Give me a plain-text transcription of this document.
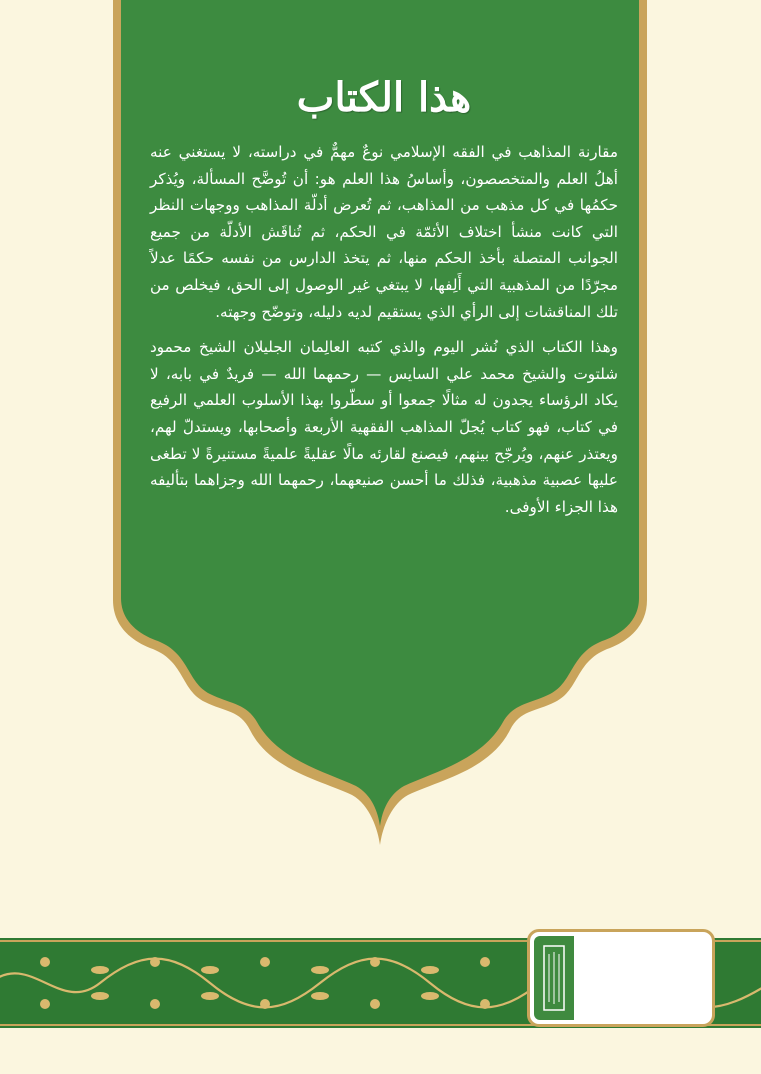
هذا الكتاب

مقارنة المذاهب في الفقه الإسلامي نوعٌ مهمٌّ في دراسته، لا يستغني عنه أهلُ العلم والمتخصصون، وأساسُ هذا العلم هو: أن تُوضَّح المسألة، ويُذكر حكمُها في كل مذهب من المذاهب، ثم تُعرض أدلّة المذاهب ووجهات النظر التي كانت منشأ اختلاف الأئمّة في الحكم، ثم تُناقَش الأدلّة من جميع الجوانب المتصلة بأخذ الحكم منها، ثم يتخذ الدارس من نفسه حكمًا عدلاً مجرّدًا من المذهبية التي أَلِفها، لا يبتغي غير الوصول إلى الحق، فيخلص من تلك المناقشات إلى الرأي الذي يستقيم لديه دليله، وتوضّح وجهته.

وهذا الكتاب الذي نُشر اليوم والذي كتبه العالِمان الجليلان الشيخ محمود شلتوت والشيخ محمد علي السايس — رحمهما الله — فريدٌ في بابه، لا يكاد الرؤساء يجدون له مثالًا جمعوا أو سطّروا بهذا الأسلوب العلمي الرفيع في كتاب، فهو كتاب يُجلّ المذاهب الفقهية الأربعة وأصحابها، ويستدلّ لهم، ويعتذر عنهم، ويُرجّح بينهم، فيصنع لقارئه مالًا عقليةً علميةً مستنيرةً لا تطغى عليها عصبية مذهبية، فذلك ما أحسن صنيعهما، رحمهما الله وجزاهما بتأليفه هذا الجزاء الأوفى.
